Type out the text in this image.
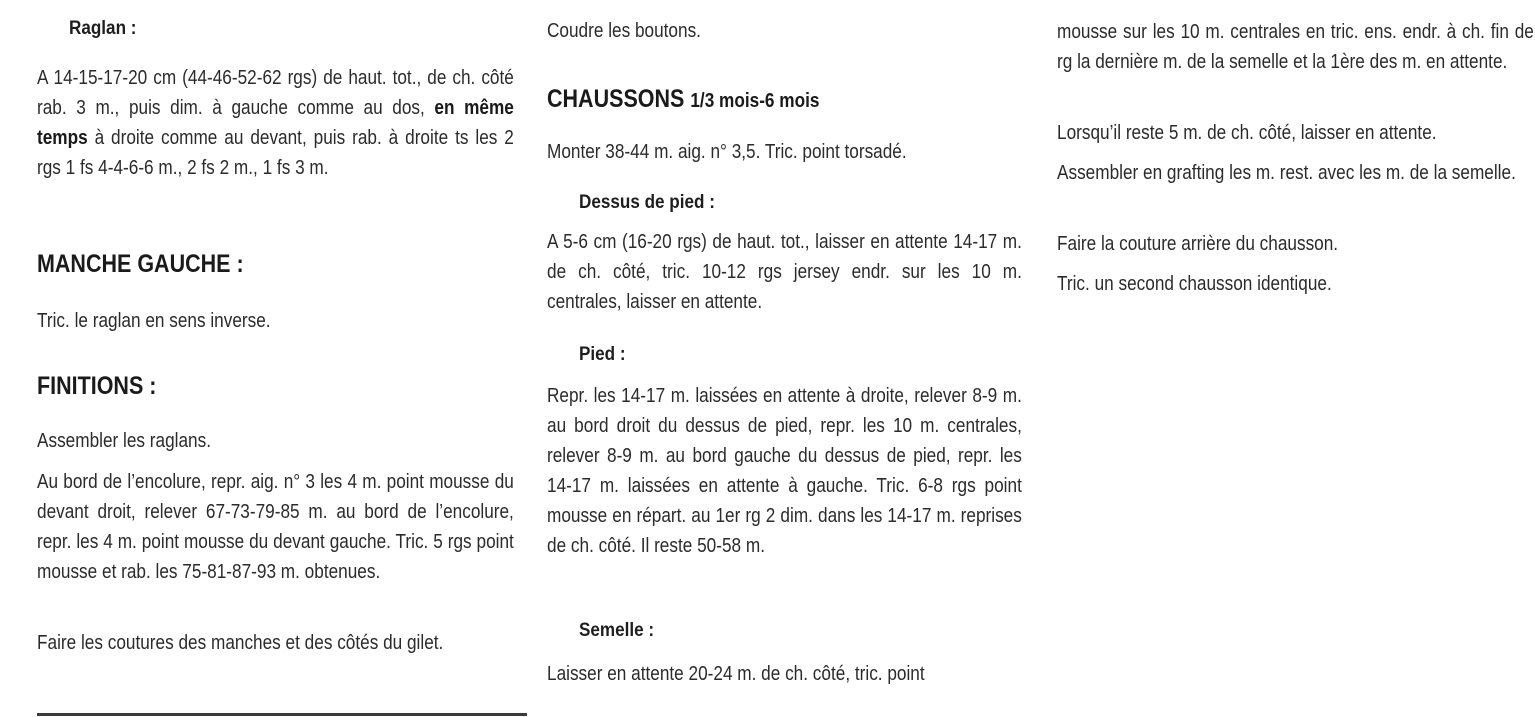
Raglan :

A 14-15-17-20 cm (44-46-52-62 rgs) de haut. tot., de ch. côté rab. 3 m., puis dim. à gauche comme au dos, en même temps à droite comme au devant, puis rab. à droite ts les 2 rgs 1 fs 4-4-6-6 m., 2 fs 2 m., 1 fs 3 m.

MANCHE GAUCHE :

Tric. le raglan en sens inverse.

FINITIONS :

Assembler les raglans.

Au bord de l’encolure, repr. aig. n° 3 les 4 m. point mousse du devant droit, relever 67-73-79-85 m. au bord de l’encolure, repr. les 4 m. point mousse du devant gauche. Tric. 5 rgs point mousse et rab. les 75-81-87-93 m. obtenues.

Faire les coutures des manches et des côtés du gilet.

Coudre les boutons.

CHAUSSONS 1/3 mois-6 mois

Monter 38-44 m. aig. n° 3,5. Tric. point torsadé.

Dessus de pied :

A 5-6 cm (16-20 rgs) de haut. tot., laisser en attente 14-17 m. de ch. côté, tric. 10-12 rgs jersey endr. sur les 10 m. centrales, laisser en attente.

Pied :

Repr. les 14-17 m. laissées en attente à droite, relever 8-9 m. au bord droit du dessus de pied, repr. les 10 m. centrales, relever 8-9 m. au bord gauche du dessus de pied, repr. les 14-17 m. laissées en attente à gauche. Tric. 6-8 rgs point mousse en répart. au 1er rg 2 dim. dans les 14-17 m. reprises de ch. côté. Il reste 50-58 m.

Semelle :

Laisser en attente 20-24 m. de ch. côté, tric. point

mousse sur les 10 m. centrales en tric. ens. endr. à ch. fin de rg la dernière m. de la semelle et la 1ère des m. en attente.

Lorsqu’il reste 5 m. de ch. côté, laisser en attente.

Assembler en grafting les m. rest. avec les m. de la semelle.

Faire la couture arrière du chausson.

Tric. un second chausson identique.
